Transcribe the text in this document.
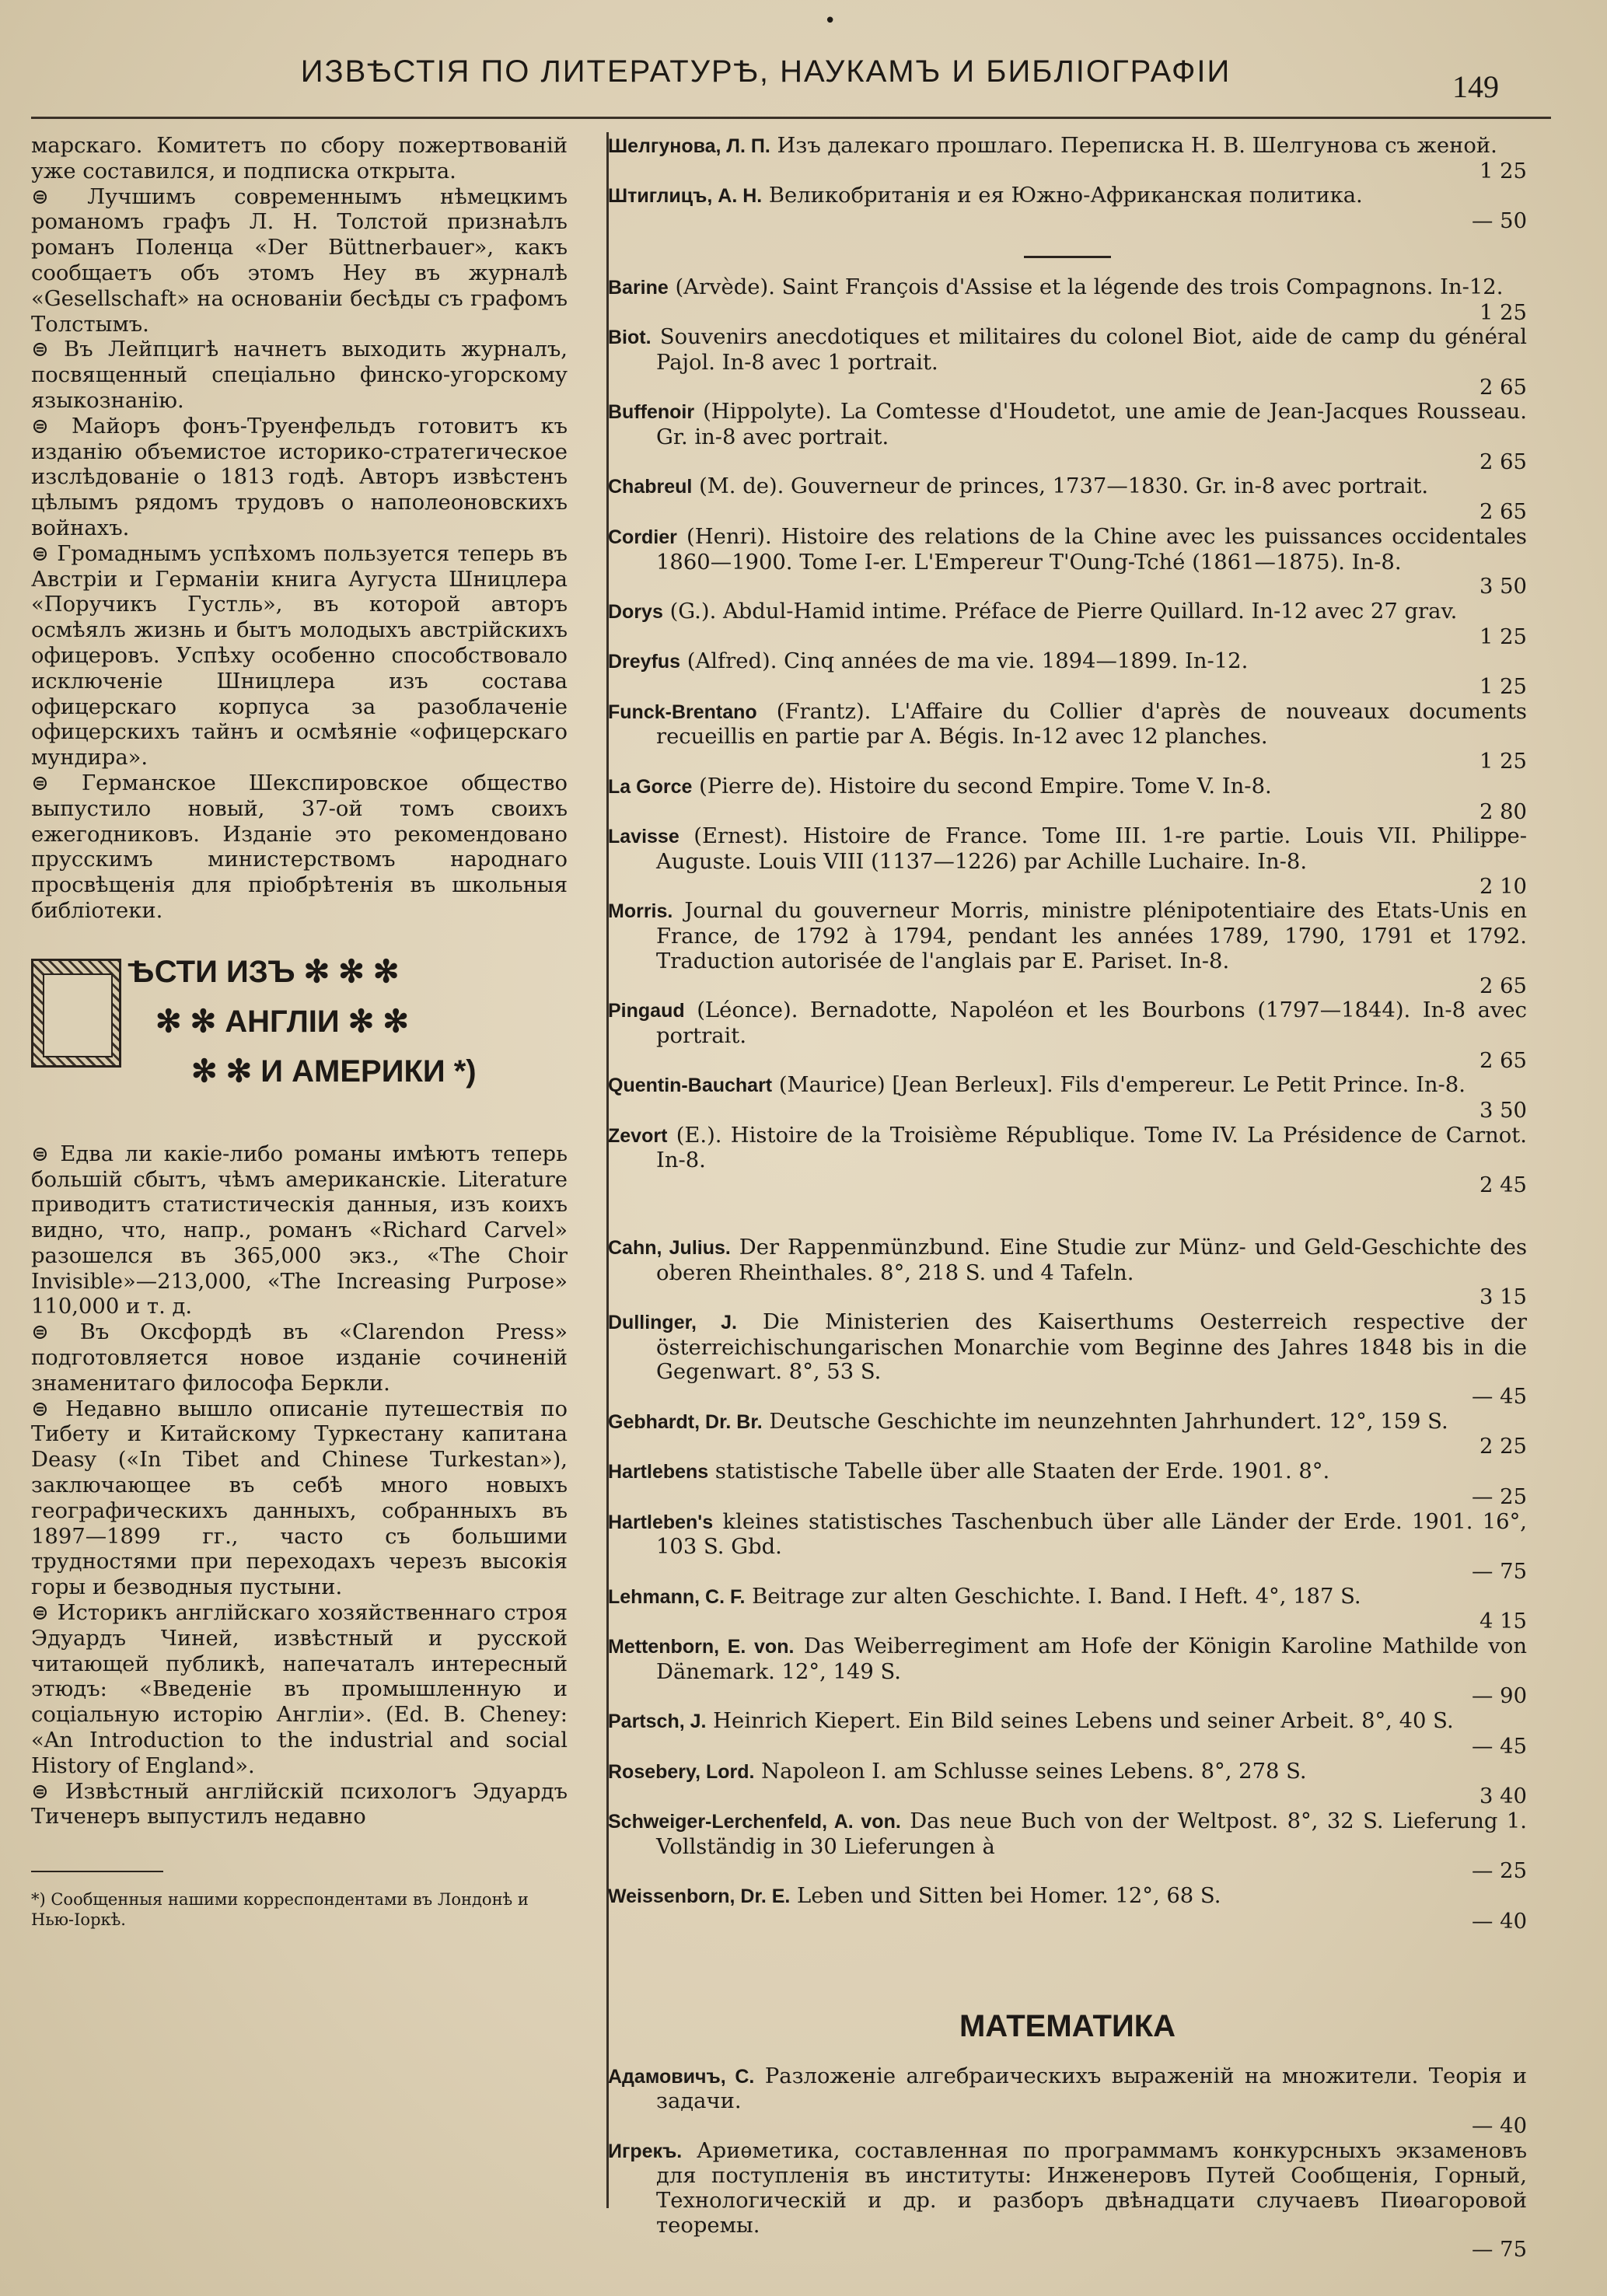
•
ИЗВѢСТІЯ ПО ЛИТЕРАТУРѢ, НАУКАМЪ И БИБЛІОГРАФІИ	149

марскаго. Комитетъ по сбору пожертвованій уже составился, и подписка открыта.

⊜ Лучшимъ современнымъ нѣмецкимъ романомъ графъ Л. Н. Толстой признаѣлъ романъ Поленца «Der Büttnerbauer», какъ сообщаетъ объ этомъ Неу въ журналѣ «Gesellschaft» на основаніи бесѣды съ графомъ Толстымъ.

⊜ Въ Лейпцигѣ начнетъ выходить журналъ, посвященный спеціально финско-угорскому языкознанію.

⊜ Майоръ фонъ-Труенфельдъ готовитъ къ изданію объемистое историко-стратегическое изслѣдованіе о 1813 годѣ. Авторъ извѣстенъ цѣлымъ рядомъ трудовъ о наполеоновскихъ войнахъ.

⊜ Громаднымъ успѣхомъ пользуется теперь въ Австріи и Германіи книга Аугуста Шницлера «Поручикъ Густль», въ которой авторъ осмѣялъ жизнь и бытъ молодыхъ австрійскихъ офицеровъ. Успѣху особенно способствовало исключеніе Шницлера изъ состава офицерскаго корпуса за разоблаченіе офицерскихъ тайнъ и осмѣяніе «офицерскаго мундира».

⊜ Германское Шекспировское общество выпустило новый, 37-ой томъ своихъ ежегодниковъ. Изданіе это рекомендовано прусскимъ министерствомъ народнаго просвѣщенія для пріобрѣтенія въ школьныя библіотеки.

ѢСТИ ИЗЪ ✻ ✻ ✻
✻ ✻ АНГЛІИ ✻ ✻
✻ ✻ И АМЕРИКИ *)

⊜ Едва ли какіе-либо романы имѣютъ теперь большій сбытъ, чѣмъ американскіе. Literature приводитъ статистическія данныя, изъ коихъ видно, что, напр., романъ «Richard Carvel» разошелся въ 365,000 экз., «The Choir Invisible»—213,000, «The Increasing Purpose» 110,000 и т. д.

⊜ Въ Оксфордѣ въ «Clarendon Press» подготовляется новое изданіе сочиненій знаменитаго философа Беркли.

⊜ Недавно вышло описаніе путешествія по Тибету и Китайскому Туркестану капитана Deasy («In Tibet and Chinese Turkestan»), заключающее въ себѣ много новыхъ географическихъ данныхъ, собранныхъ въ 1897—1899 гг., часто съ большими трудностями при переходахъ черезъ высокія горы и безводныя пустыни.

⊜ Историкъ англійскаго хозяйственнаго строя Эдуардъ Чиней, извѣстный и русской читающей публикѣ, напечаталъ интересный этюдъ: «Введеніе въ промышленную и соціальную исторію Англіи». (Ed. B. Cheney: «An Introduction to the industrial and social History of England».

⊜ Извѣстный англійскій психологъ Эдуардъ Тиченеръ выпустилъ недавно

*) Сообщенныя нашими корреспондентами въ Лондонѣ и Нью-Іоркѣ.

Шелгунова, Л. П. Изъ далекаго прошлаго. Переписка Н. В. Шелгунова съ женой.
1 25

Штиглицъ, А. Н. Великобританія и ея Южно-Африканская политика.
— 50

Barine (Arvède). Saint François d'Assise et la légende des trois Compagnons. In-12.
1 25

Biot. Souvenirs anecdotiques et militaires du colonel Biot, aide de camp du général Pajol. In-8 avec 1 portrait.
2 65

Buffenoir (Hippolyte). La Comtesse d'Houdetot, une amie de Jean-Jacques Rousseau. Gr. in-8 avec portrait.
2 65

Chabreul (M. de). Gouverneur de princes, 1737—1830. Gr. in-8 avec portrait.
2 65

Cordier (Henri). Histoire des relations de la Chine avec les puissances occidentales 1860—1900. Tome I-er. L'Empereur T'Oung-Tché (1861—1875). In-8.
3 50

Dorys (G.). Abdul-Hamid intime. Préface de Pierre Quillard. In-12 avec 27 grav.
1 25

Dreyfus (Alfred). Cinq années de ma vie. 1894—1899. In-12.
1 25

Funck-Brentano (Frantz). L'Affaire du Collier d'après de nouveaux documents recueillis en partie par A. Bégis. In-12 avec 12 planches.
1 25

La Gorce (Pierre de). Histoire du second Empire. Tome V. In-8.
2 80

Lavisse (Ernest). Histoire de France. Tome III. 1-re partie. Louis VII. Philippe-Auguste. Louis VIII (1137—1226) par Achille Luchaire. In-8.
2 10

Morris. Journal du gouverneur Morris, ministre plénipotentiaire des Etats-Unis en France, de 1792 à 1794, pendant les années 1789, 1790, 1791 et 1792. Traduction autorisée de l'anglais par E. Pariset. In-8.
2 65

Pingaud (Léonce). Bernadotte, Napoléon et les Bourbons (1797—1844). In-8 avec portrait.
2 65

Quentin-Bauchart (Maurice) [Jean Berleux]. Fils d'empereur. Le Petit Prince. In-8.
3 50

Zevort (E.). Histoire de la Troisième République. Tome IV. La Présidence de Carnot. In-8.
2 45

Cahn, Julius. Der Rappenmünzbund. Eine Studie zur Münz- und Geld-Geschichte des oberen Rheinthales. 8°, 218 S. und 4 Tafeln.
3 15

Dullinger, J. Die Ministerien des Kaiserthums Oesterreich respective der österreichischungarischen Monarchie vom Beginne des Jahres 1848 bis in die Gegenwart. 8°, 53 S.
— 45

Gebhardt, Dr. Br. Deutsche Geschichte im neunzehnten Jahrhundert. 12°, 159 S.
2 25

Hartlebens statistische Tabelle über alle Staaten der Erde. 1901. 8°.
— 25

Hartleben's kleines statistisches Taschenbuch über alle Länder der Erde. 1901. 16°, 103 S. Gbd.
— 75

Lehmann, C. F. Beitrage zur alten Geschichte. I. Band. I Heft. 4°, 187 S.
4 15

Mettenborn, E. von. Das Weiberregiment am Hofe der Königin Karoline Mathilde von Dänemark. 12°, 149 S.
— 90

Partsch, J. Heinrich Kiepert. Ein Bild seines Lebens und seiner Arbeit. 8°, 40 S.
— 45

Rosebery, Lord. Napoleon I. am Schlusse seines Lebens. 8°, 278 S.
3 40

Schweiger-Lerchenfeld, A. von. Das neue Buch von der Weltpost. 8°, 32 S. Lieferung 1. Vollständig in 30 Lieferungen à
— 25

Weissenborn, Dr. E. Leben und Sitten bei Homer. 12°, 68 S.
— 40

МАТЕМАТИКА

Адамовичъ, С. Разложеніе алгебраическихъ выраженій на множители. Теорія и задачи.
— 40

Игрекъ. Ариѳметика, составленная по программамъ конкурсныхъ экзаменовъ для поступленія въ институты: Инженеровъ Путей Сообщенія, Горный, Технологическій и др. и разборъ двѣнадцати случаевъ Пиѳагоровой теоремы.
— 75
